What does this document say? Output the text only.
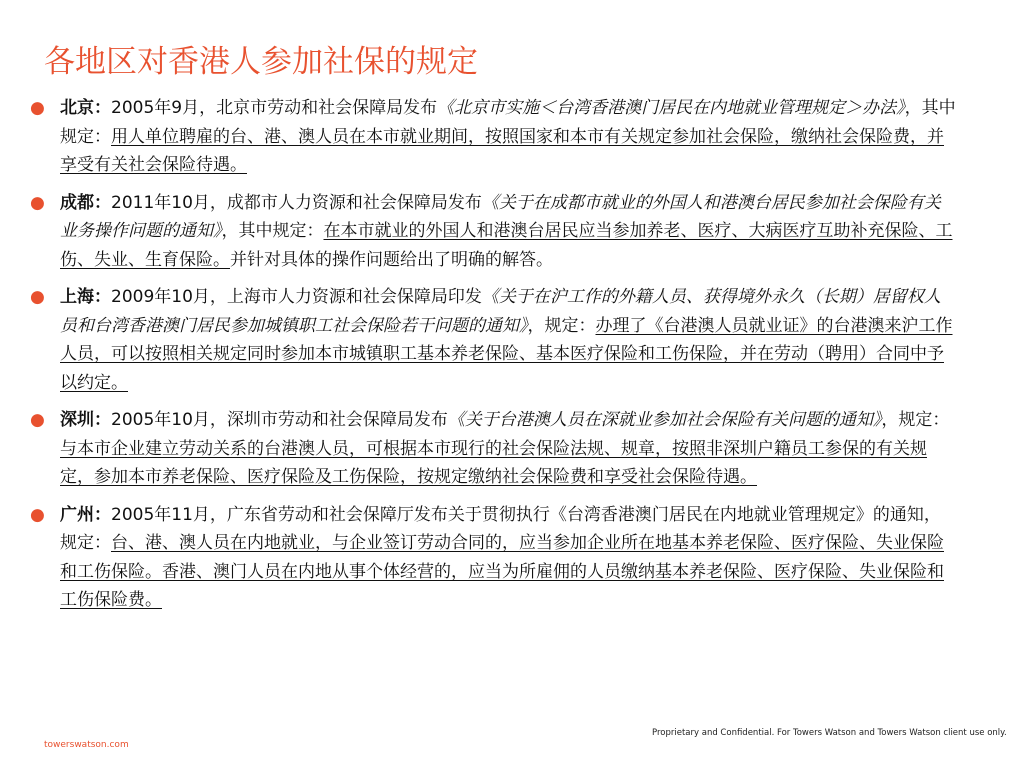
各地区对香港人参加社保的规定
● 北京：2005年9月，北京市劳动和社会保障局发布《北京市实施＜台湾香港澳门居民在内地就业管理规定＞办法》，其中规定：用人单位聘雇的台、港、澳人员在本市就业期间，按照国家和本市有关规定参加社会保险，缴纳社会保险费，并享受有关社会保险待遇。
● 成都：2011年10月，成都市人力资源和社会保障局发布《关于在成都市就业的外国人和港澳台居民参加社会保险有关业务操作问题的通知》，其中规定：在本市就业的外国人和港澳台居民应当参加养老、医疗、大病医疗互助补充保险、工伤、失业、生育保险。并针对具体的操作问题给出了明确的解答。
● 上海：2009年10月，上海市人力资源和社会保障局印发《关于在沪工作的外籍人员、获得境外永久（长期）居留权人员和台湾香港澳门居民参加城镇职工社会保险若干问题的通知》，规定：办理了《台港澳人员就业证》的台港澳来沪工作人员，可以按照相关规定同时参加本市城镇职工基本养老保险、基本医疗保险和工伤保险，并在劳动（聘用）合同中予以约定。
● 深圳：2005年10月，深圳市劳动和社会保障局发布《关于台港澳人员在深就业参加社会保险有关问题的通知》，规定：与本市企业建立劳动关系的台港澳人员，可根据本市现行的社会保险法规、规章，按照非深圳户籍员工参保的有关规定，参加本市养老保险、医疗保险及工伤保险，按规定缴纳社会保险费和享受社会保险待遇。
● 广州：2005年11月，广东省劳动和社会保障厅发布关于贯彻执行《台湾香港澳门居民在内地就业管理规定》的通知，规定：台、港、澳人员在内地就业，与企业签订劳动合同的，应当参加企业所在地基本养老保险、医疗保险、失业保险和工伤保险。香港、澳门人员在内地从事个体经营的，应当为所雇佣的人员缴纳基本养老保险、医疗保险、失业保险和工伤保险费。
Proprietary and Confidential. For Towers Watson and Towers Watson client use only.
towerswatson.com
